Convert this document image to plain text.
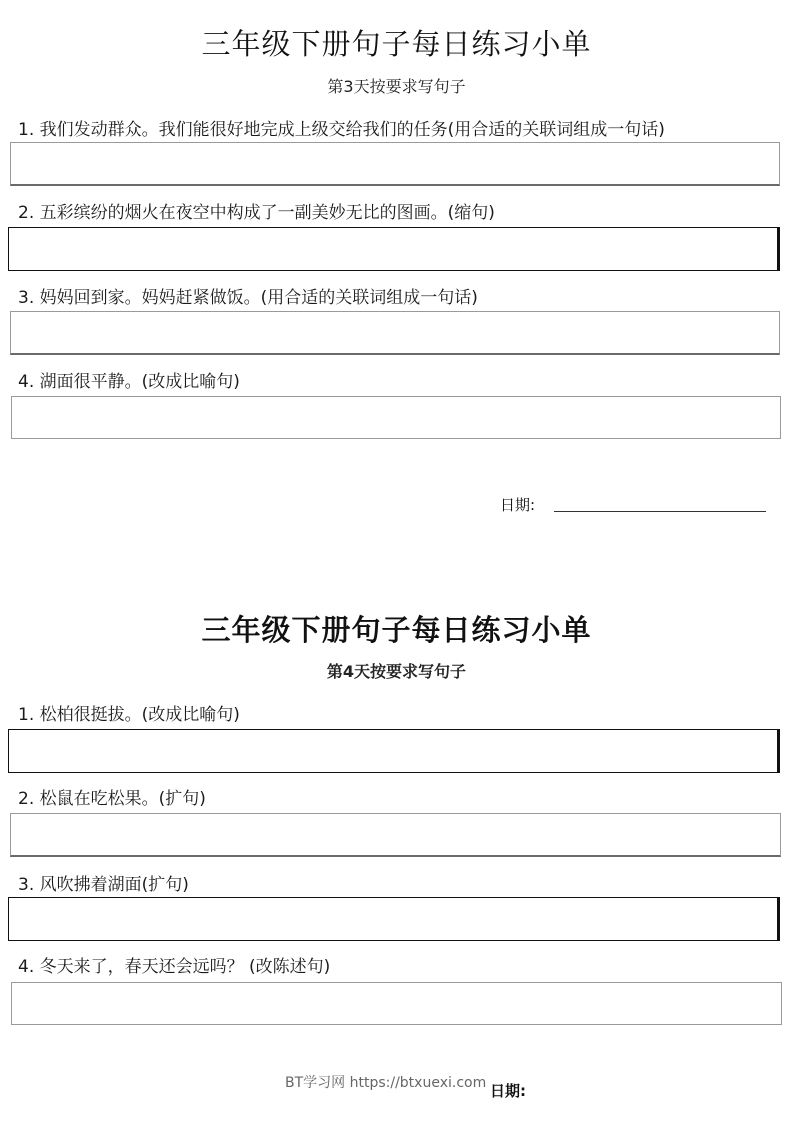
三年级下册句子每日练习小单
第3天按要求写句子
1. 我们发动群众。我们能很好地完成上级交给我们的任务(用合适的关联词组成一句话)
2. 五彩缤纷的烟火在夜空中构成了一副美妙无比的图画。(缩句)
3. 妈妈回到家。妈妈赶紧做饭。(用合适的关联词组成一句话)
4. 湖面很平静。(改成比喻句)
日期:
三年级下册句子每日练习小单
第4天按要求写句子
1. 松柏很挺拔。(改成比喻句)
2. 松鼠在吃松果。(扩句)
3. 风吹拂着湖面(扩句)
4. 冬天来了，春天还会远吗？ (改陈述句)
日期:
BT学习网 https://btxuexi.com
